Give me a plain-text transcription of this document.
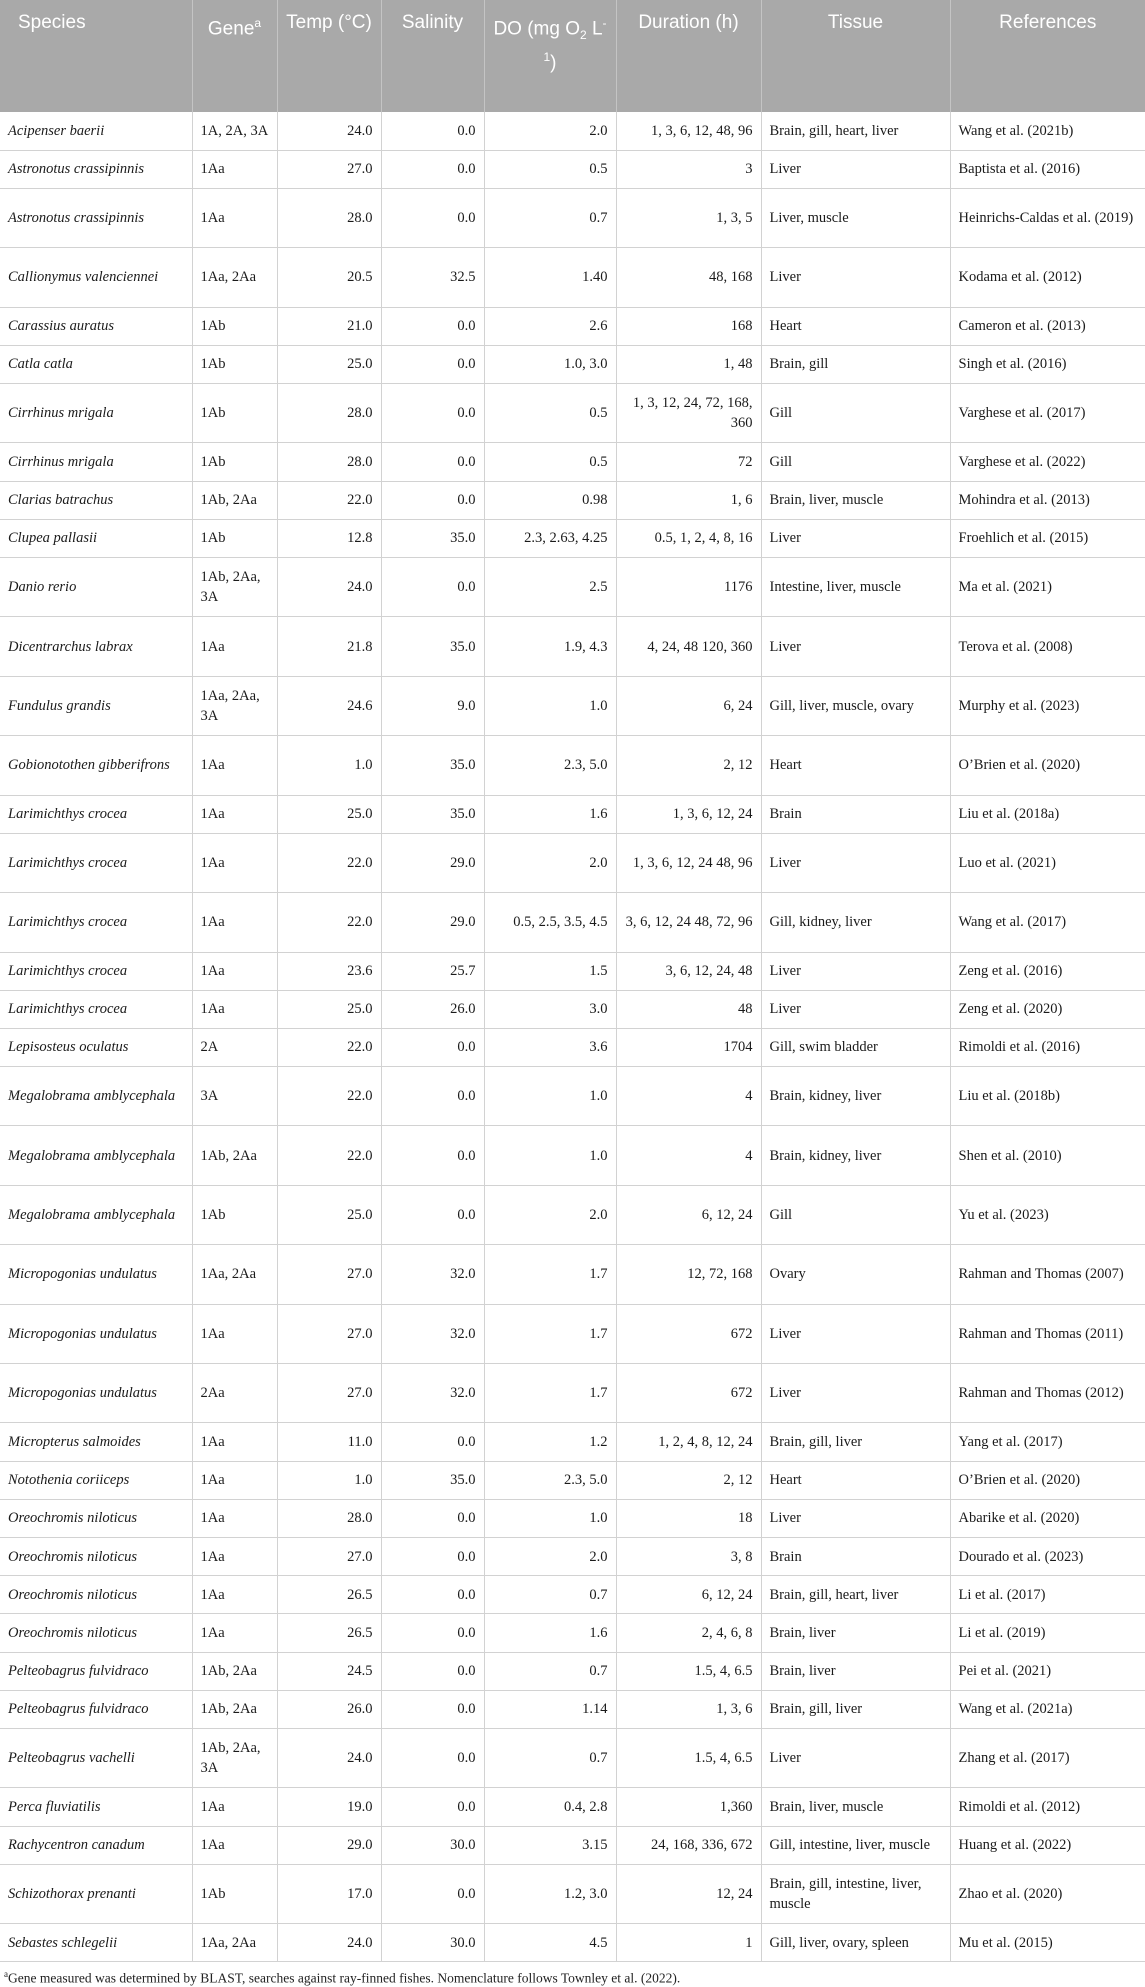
Species	Gene$^a$	Temp (°C)	Salinity	DO (mg $O_2$ $L^{-1}$)	Duration (h)	Tissue	References
Acipenser baerii	1A, 2A, 3A	24.0	0.0	2.0	1, 3, 6, 12, 48, 96	Brain, gill, heart, liver	Wang et al. (2021b)
Astronotus crassipinnis	1Aa	27.0	0.0	0.5	3	Liver	Baptista et al. (2016)
Astronotus crassipinnis	1Aa	28.0	0.0	0.7	1, 3, 5	Liver, muscle	Heinrichs-Caldas et al. (2019)
Callionymus valenciennei	1Aa, 2Aa	20.5	32.5	1.40	48, 168	Liver	Kodama et al. (2012)
Carassius auratus	1Ab	21.0	0.0	2.6	168	Heart	Cameron et al. (2013)
Catla catla	1Ab	25.0	0.0	1.0, 3.0	1, 48	Brain, gill	Singh et al. (2016)
Cirrhinus mrigala	1Ab	28.0	0.0	0.5	1, 3, 12, 24, 72, 168, 360	Gill	Varghese et al. (2017)
Cirrhinus mrigala	1Ab	28.0	0.0	0.5	72	Gill	Varghese et al. (2022)
Clarias batrachus	1Ab, 2Aa	22.0	0.0	0.98	1, 6	Brain, liver, muscle	Mohindra et al. (2013)
Clupea pallasii	1Ab	12.8	35.0	2.3, 2.63, 4.25	0.5, 1, 2, 4, 8, 16	Liver	Froehlich et al. (2015)
Danio rerio	1Ab, 2Aa, 3A	24.0	0.0	2.5	1176	Intestine, liver, muscle	Ma et al. (2021)
Dicentrarchus labrax	1Aa	21.8	35.0	1.9, 4.3	4, 24, 48 120, 360	Liver	Terova et al. (2008)
Fundulus grandis	1Aa, 2Aa, 3A	24.6	9.0	1.0	6, 24	Gill, liver, muscle, ovary	Murphy et al. (2023)
Gobionotothen gibberifrons	1Aa	1.0	35.0	2.3, 5.0	2, 12	Heart	O’Brien et al. (2020)
Larimichthys crocea	1Aa	25.0	35.0	1.6	1, 3, 6, 12, 24	Brain	Liu et al. (2018a)
Larimichthys crocea	1Aa	22.0	29.0	2.0	1, 3, 6, 12, 24 48, 96	Liver	Luo et al. (2021)
Larimichthys crocea	1Aa	22.0	29.0	0.5, 2.5, 3.5, 4.5	3, 6, 12, 24 48, 72, 96	Gill, kidney, liver	Wang et al. (2017)
Larimichthys crocea	1Aa	23.6	25.7	1.5	3, 6, 12, 24, 48	Liver	Zeng et al. (2016)
Larimichthys crocea	1Aa	25.0	26.0	3.0	48	Liver	Zeng et al. (2020)
Lepisosteus oculatus	2A	22.0	0.0	3.6	1704	Gill, swim bladder	Rimoldi et al. (2016)
Megalobrama amblycephala	3A	22.0	0.0	1.0	4	Brain, kidney, liver	Liu et al. (2018b)
Megalobrama amblycephala	1Ab, 2Aa	22.0	0.0	1.0	4	Brain, kidney, liver	Shen et al. (2010)
Megalobrama amblycephala	1Ab	25.0	0.0	2.0	6, 12, 24	Gill	Yu et al. (2023)
Micropogonias undulatus	1Aa, 2Aa	27.0	32.0	1.7	12, 72, 168	Ovary	Rahman and Thomas (2007)
Micropogonias undulatus	1Aa	27.0	32.0	1.7	672	Liver	Rahman and Thomas (2011)
Micropogonias undulatus	2Aa	27.0	32.0	1.7	672	Liver	Rahman and Thomas (2012)
Micropterus salmoides	1Aa	11.0	0.0	1.2	1, 2, 4, 8, 12, 24	Brain, gill, liver	Yang et al. (2017)
Notothenia coriiceps	1Aa	1.0	35.0	2.3, 5.0	2, 12	Heart	O’Brien et al. (2020)
Oreochromis niloticus	1Aa	28.0	0.0	1.0	18	Liver	Abarike et al. (2020)
Oreochromis niloticus	1Aa	27.0	0.0	2.0	3, 8	Brain	Dourado et al. (2023)
Oreochromis niloticus	1Aa	26.5	0.0	0.7	6, 12, 24	Brain, gill, heart, liver	Li et al. (2017)
Oreochromis niloticus	1Aa	26.5	0.0	1.6	2, 4, 6, 8	Brain, liver	Li et al. (2019)
Pelteobagrus fulvidraco	1Ab, 2Aa	24.5	0.0	0.7	1.5, 4, 6.5	Brain, liver	Pei et al. (2021)
Pelteobagrus fulvidraco	1Ab, 2Aa	26.0	0.0	1.14	1, 3, 6	Brain, gill, liver	Wang et al. (2021a)
Pelteobagrus vachelli	1Ab, 2Aa, 3A	24.0	0.0	0.7	1.5, 4, 6.5	Liver	Zhang et al. (2017)
Perca fluviatilis	1Aa	19.0	0.0	0.4, 2.8	1,360	Brain, liver, muscle	Rimoldi et al. (2012)
Rachycentron canadum	1Aa	29.0	30.0	3.15	24, 168, 336, 672	Gill, intestine, liver, muscle	Huang et al. (2022)
Schizothorax prenanti	1Ab	17.0	0.0	1.2, 3.0	12, 24	Brain, gill, intestine, liver, muscle	Zhao et al. (2020)
Sebastes schlegelii	1Aa, 2Aa	24.0	30.0	4.5	1	Gill, liver, ovary, spleen	Mu et al. (2015)
$^a$Gene measured was determined by BLAST, searches against ray-finned fishes. Nomenclature follows Townley et al. (2022).
